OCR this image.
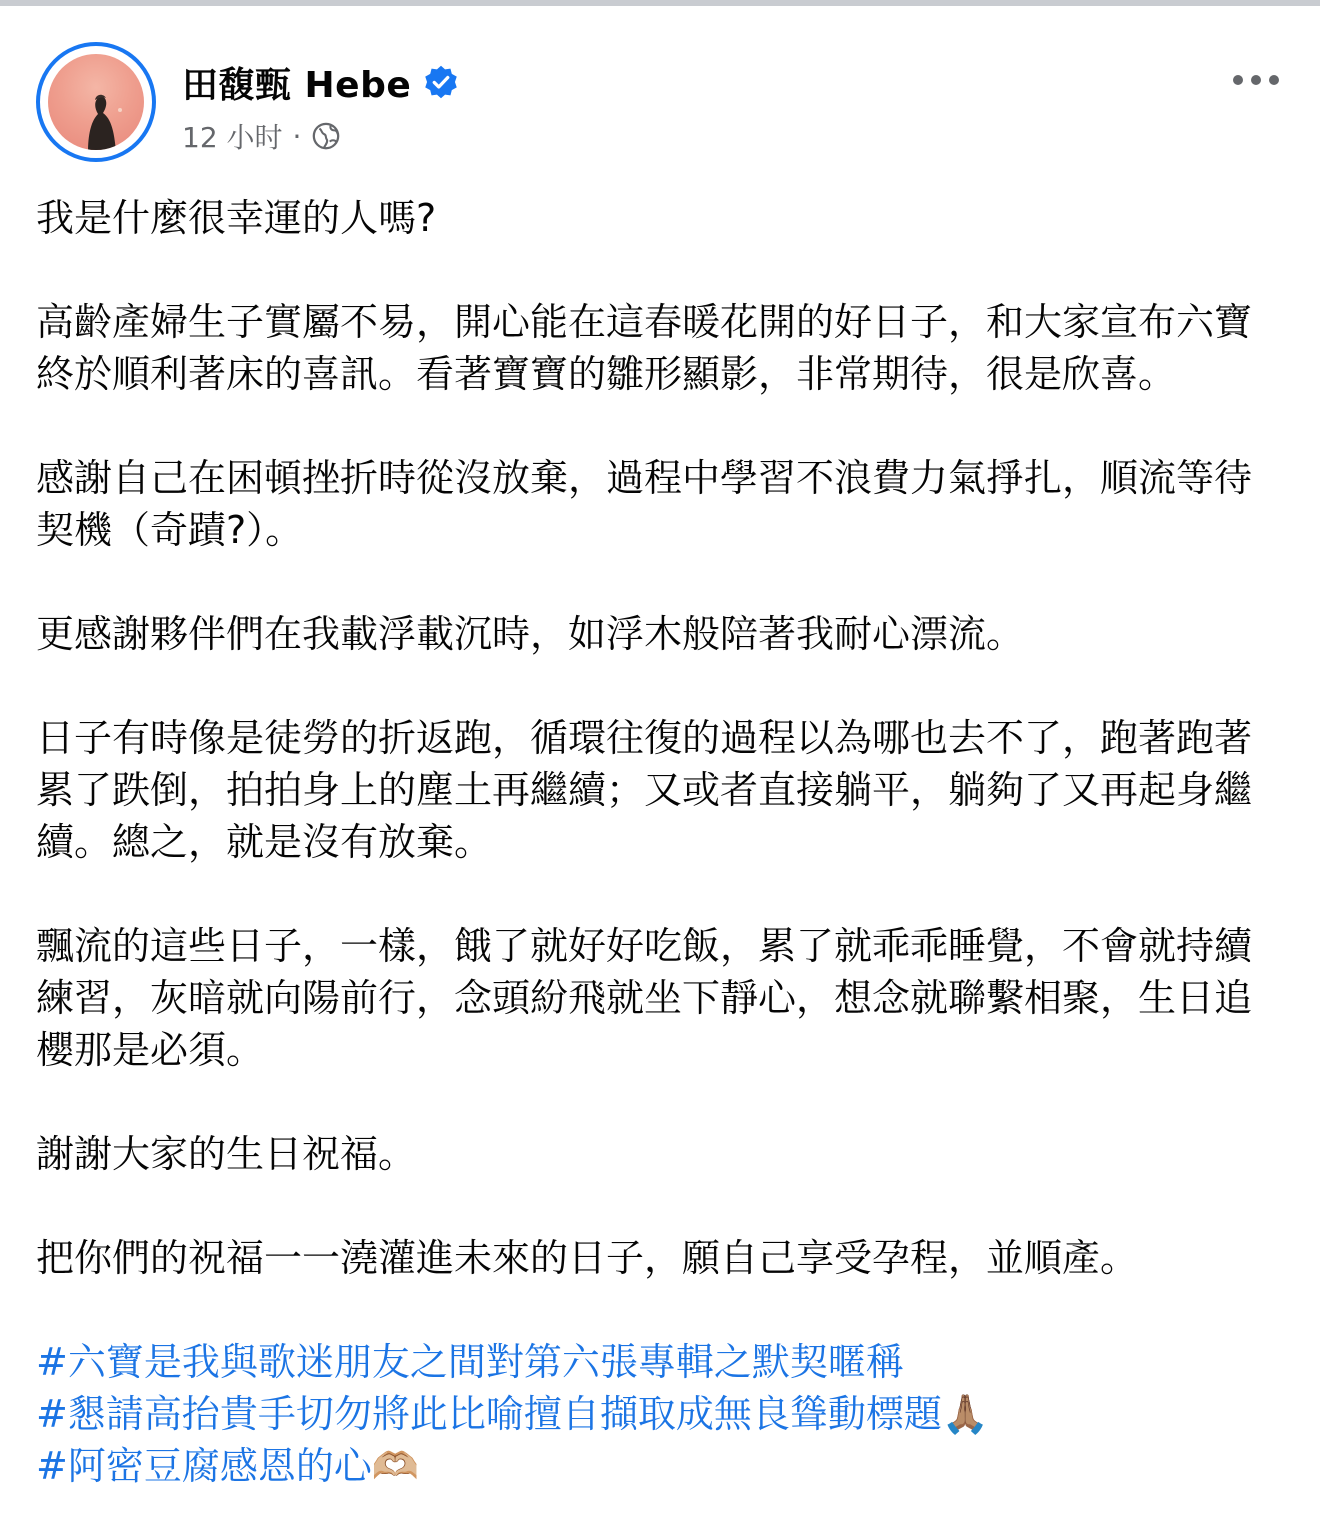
田馥甄 Hebe
12 小时 ·

我是什麼很幸運的人嗎?

高齡產婦生子實屬不易，開心能在這春暖花開的好日子，和大家宣布六寶終於順利著床的喜訊。看著寶寶的雛形顯影，非常期待，很是欣喜。

感謝自己在困頓挫折時從沒放棄，過程中學習不浪費力氣掙扎，順流等待契機（奇蹟?）。

更感謝夥伴們在我載浮載沉時，如浮木般陪著我耐心漂流。

日子有時像是徒勞的折返跑，循環往復的過程以為哪也去不了，跑著跑著累了跌倒，拍拍身上的塵土再繼續；又或者直接躺平，躺夠了又再起身繼續。總之，就是沒有放棄。

飄流的這些日子，一樣，餓了就好好吃飯，累了就乖乖睡覺，不會就持續練習，灰暗就向陽前行，念頭紛飛就坐下靜心，想念就聯繫相聚，生日追櫻那是必須。

謝謝大家的生日祝福。

把你們的祝福一一澆灌進未來的日子，願自己享受孕程，並順產。

#六寶是我與歌迷朋友之間對第六張專輯之默契暱稱
#懇請高抬貴手切勿將此比喻擅自擷取成無良聳動標題🙏🏽
#阿密豆腐感恩的心🫶🏼
